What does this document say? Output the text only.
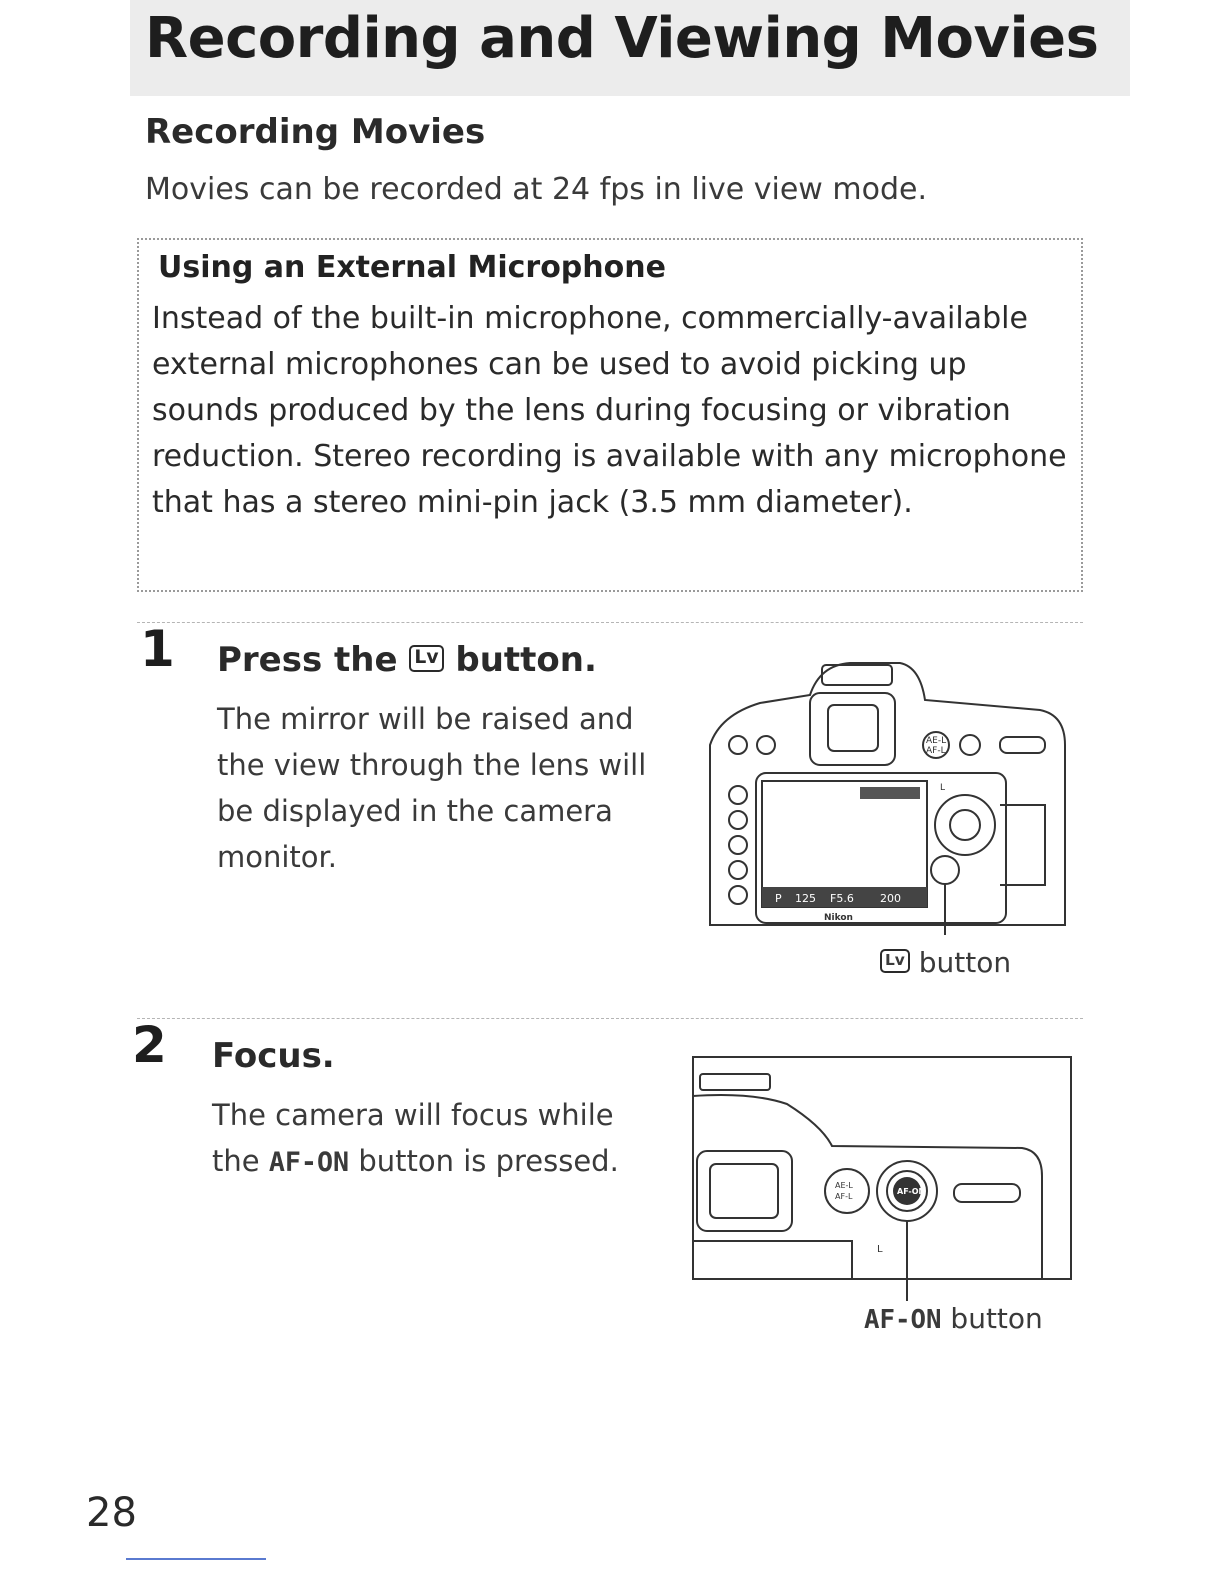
Recording and Viewing Movies
Recording Movies

Movies can be recorded at 24 fps in live view mode.

Using an External Microphone

Instead of the built-in microphone, commercially-available external microphones can be used to avoid picking up sounds produced by the lens during focusing or vibration reduction. Stereo recording is available with any microphone that has a stereo mini-pin jack (3.5 mm diameter).

1 Press the Lv button.

The mirror will be raised and the view through the lens will be displayed in the camera monitor.

P 125 F5.6 200
Nikon
AE-L
AF-L
L

Lv button

2 Focus.

The camera will focus while the AF-ON button is pressed.

AF-ON
AE-L
AF-L
L

AF-ON button

28
